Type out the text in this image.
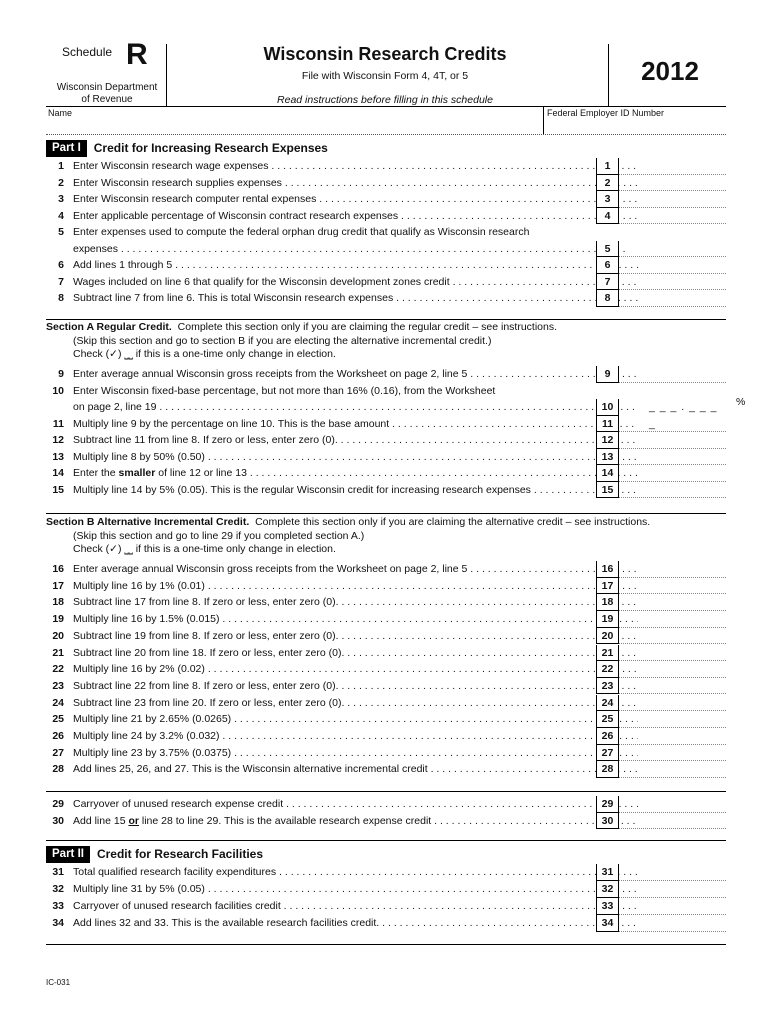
Schedule R
Wisconsin Department
of Revenue
Wisconsin Research Credits
File with Wisconsin Form 4, 4T, or 5
Read instructions before filling in this schedule
2012
Name	Federal Employer ID Number
Part I	Credit for Increasing Research Expenses
1 Enter Wisconsin research wage expenses . . .	1
2 Enter Wisconsin research supplies expenses . . .	2
3 Enter Wisconsin research computer rental expenses . . .	3
4 Enter applicable percentage of Wisconsin contract research expenses . . .	4
5 Enter expenses used to compute the federal orphan drug credit that qualify as Wisconsin research
expenses . . .	5
6 Add lines 1 through 5 . . .	6
7 Wages included on line 6 that qualify for the Wisconsin development zones credit . . .	7
8 Subtract line 7 from line 6. This is total Wisconsin research expenses . . .	8
Section A Regular Credit. Complete this section only if you are claiming the regular credit – see instructions.
(Skip this section and go to section B if you are electing the alternative incremental credit.)
Check (✓) ⎵⎵ if this is a one-time only change in election.
9 Enter average annual Wisconsin gross receipts from the Worksheet on page 2, line 5 . . .	9
10 Enter Wisconsin fixed-base percentage, but not more than 16% (0.16), from the Worksheet
on page 2, line 19 . . .	10	_ _ _ . _ _ _ _
%
11 Multiply line 9 by the percentage on line 10. This is the base amount . . .	11
12 Subtract line 11 from line 8. If zero or less, enter zero (0). . . .	12
13 Multiply line 8 by 50% (0.50) . . .	13
14 Enter the smaller of line 12 or line 13 . . .	14
15 Multiply line 14 by 5% (0.05). This is the regular Wisconsin credit for increasing research expenses . . .	15
Section B Alternative Incremental Credit. Complete this section only if you are claiming the alternative credit – see instructions.
(Skip this section and go to line 29 if you completed section A.)
Check (✓) ⎵⎵ if this is a one-time only change in election.
16 Enter average annual Wisconsin gross receipts from the Worksheet on page 2, line 5 . . .	16
17 Multiply line 16 by 1% (0.01) . . .	17
18 Subtract line 17 from line 8. If zero or less, enter zero (0). . . .	18
19 Multiply line 16 by 1.5% (0.015) . . .	19
20 Subtract line 19 from line 8. If zero or less, enter zero (0). . . .	20
21 Subtract line 20 from line 18. If zero or less, enter zero (0). . . .	21
22 Multiply line 16 by 2% (0.02) . . .	22
23 Subtract line 22 from line 8. If zero or less, enter zero (0). . . .	23
24 Subtract line 23 from line 20. If zero or less, enter zero (0). . . .	24
25 Multiply line 21 by 2.65% (0.0265) . . .	25
26 Multiply line 24 by 3.2% (0.032) . . .	26
27 Multiply line 23 by 3.75% (0.0375) . . .	27
28 Add lines 25, 26, and 27. This is the Wisconsin alternative incremental credit . . .	28
29 Carryover of unused research expense credit . . .	29
30 Add line 15 or line 28 to line 29. This is the available research expense credit . . .	30
Part II	Credit for Research Facilities
31 Total qualified research facility expenditures . . .	31
32 Multiply line 31 by 5% (0.05) . . .	32
33 Carryover of unused research facilities credit . . .	33
34 Add lines 32 and 33. This is the available research facilities credit. . . .	34
IC-031
